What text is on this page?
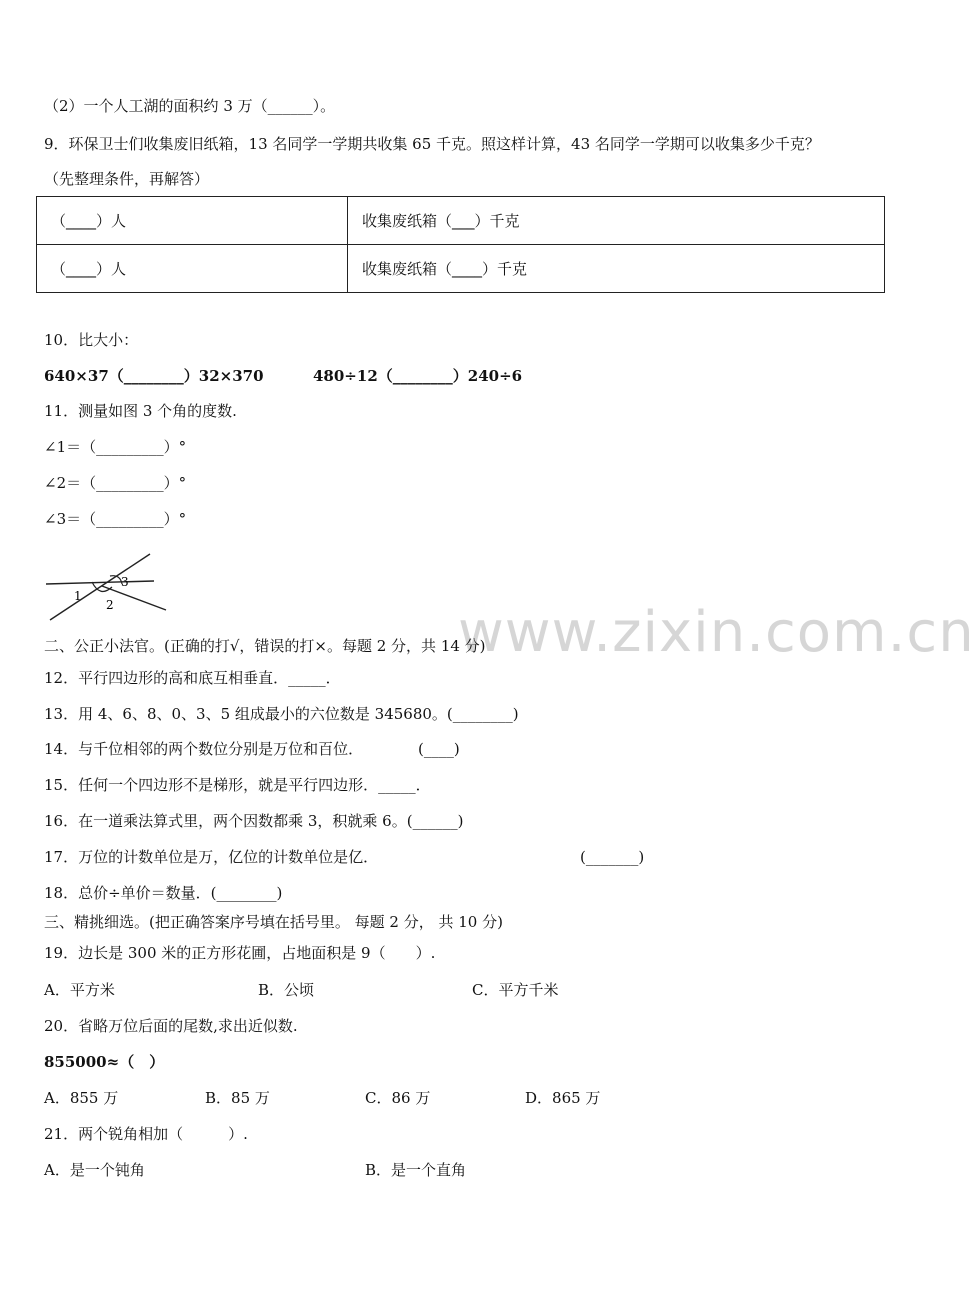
www.zixin.com.cn
（2）一个人工湖的面积约 3 万（______）。
9．环保卫士们收集废旧纸箱，13 名同学一学期共收集 65 千克。照这样计算，43 名同学一学期可以收集多少千克？
（先整理条件，再解答）
（____）人	收集废纸箱（___）千克
（____）人	收集废纸箱（____）千克
10．比大小：
640×37（________）32×370	480÷12（________）240÷6
11．测量如图 3 个角的度数.
∠1＝（_________）°
∠2＝（_________）°
∠3＝（_________）°
1
2
3
二、公正小法官。(正确的打√，错误的打×。每题 2 分，共 14 分)
12．平行四边形的高和底互相垂直．_____．
13．用 4、6、8、0、3、5 组成最小的六位数是 345680。(________)
14．与千位相邻的两个数位分别是万位和百位．	(____)
15．任何一个四边形不是梯形，就是平行四边形．_____．
16．在一道乘法算式里，两个因数都乘 3，积就乘 6。(______)
17．万位的计数单位是万，亿位的计数单位是亿．	(_______)
18．总价÷单价＝数量．(________)
三、精挑细选。(把正确答案序号填在括号里。 每题 2 分， 共 10 分)
19．边长是 300 米的正方形花圃，占地面积是 9（　　）.
A．平方米	B．公顷	C．平方千米
20．省略万位后面的尾数,求出近似数.
855000≈（　）
A．855 万	B．85 万	C．86 万	D．865 万
21．两个锐角相加（　　　）.
A．是一个钝角	B．是一个直角
